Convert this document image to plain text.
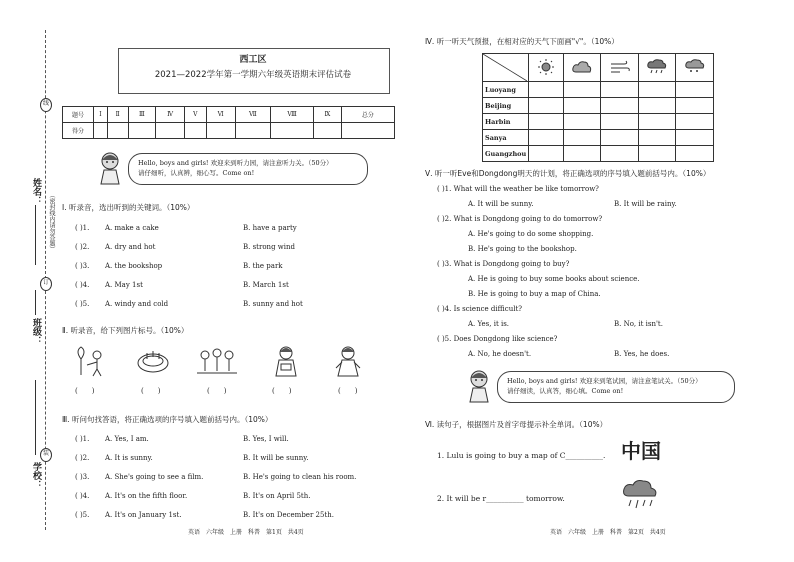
线
订
装
姓名：
班级：
学校：
（密封线内请勿答题）
西工区
2021—2022学年第一学期六年级英语期末评估试卷
题号	Ⅰ	Ⅱ	Ⅲ	Ⅳ	Ⅴ	Ⅵ	Ⅶ	Ⅷ	Ⅸ	总分
得分										
Hello, boys and girls! 欢迎来到听力园，请注意听力关。（50分）
请仔细听，认真辨，细心写。Come on!
Ⅰ. 听录音，选出听到的关键词。（10%）
( )1. A. make a cake	B. have a party
( )2. A. dry and hot	B. strong wind
( )3. A. the bookshop	B. the park
( )4. A. May 1st	B. March 1st
( )5. A. windy and cold	B. sunny and hot
Ⅱ. 听录音，给下列图片标号。（10%）
(　　)	(　　)	(　　)	(　　)	(　　)
Ⅲ. 听问句找答语，将正确选项的序号填入题前括号内。（10%）
( )1. A. Yes, I am.	B. Yes, I will.
( )2. A. It is sunny.	B. It will be sunny.
( )3. A. She's going to see a film.	B. He's going to clean his room.
( )4. A. It's on the fifth floor.	B. It's on April 5th.
( )5. A. It's on January 1st.	B. It's on December 25th.
英语　六年级　上册　科普　第1页　共4页
Ⅳ. 听一听天气预报，在相对应的天气下面画"√"。（10%）

Luoyang					
Beijing					
Harbin					
Sanya					
Guangzhou					
Ⅴ. 听一听Eve和Dongdong明天的计划，将正确选项的序号填入题前括号内。（10%）
( )1. What will the weather be like tomorrow?
A. It will be sunny.	B. It will be rainy.
( )2. What is Dongdong going to do tomorrow?
A. He's going to do some shopping.
B. He's going to the bookshop.
( )3. What is Dongdong going to buy?
A. He is going to buy some books about science.
B. He is going to buy a map of China.
( )4. Is science difficult?
A. Yes, it is.	B. No, it isn't.
( )5. Does Dongdong like science?
A. No, he doesn't.	B. Yes, he does.
Hello, boys and girls! 欢迎来到笔试园，请注意笔试关。（50分）
请仔细读，认真答，细心填。Come on!
Ⅵ. 读句子，根据图片及首字母提示补全单词。（10%）
1. Lulu is going to buy a map of C__________. 中国
2. It will be r__________ tomorrow.
英语　六年级　上册　科普　第2页　共4页
